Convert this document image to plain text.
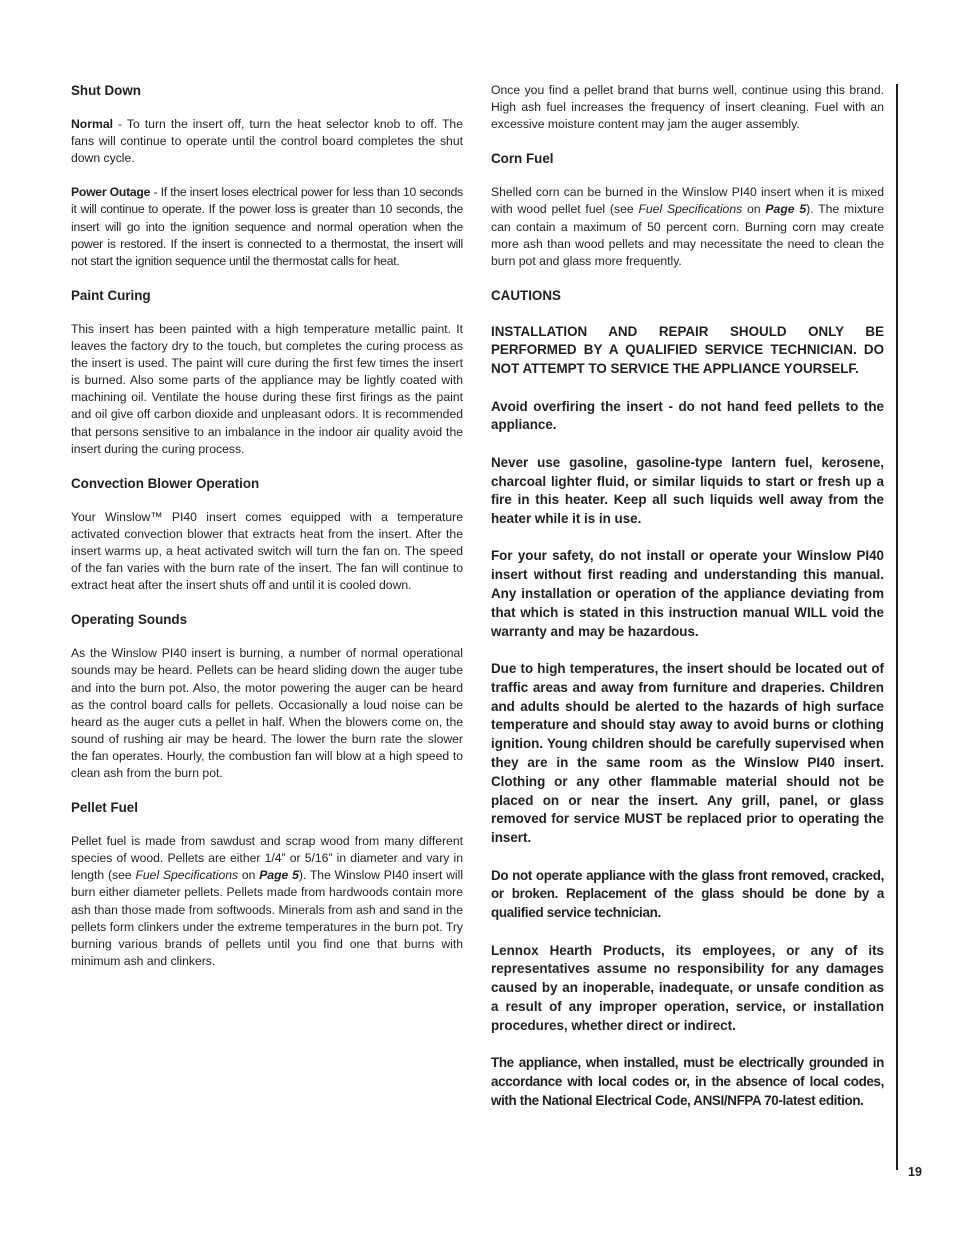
Shut Down

Normal - To turn the insert off, turn the heat selector knob to off. The fans will continue to operate until the control board completes the shut down cycle.

Power Outage - If the insert loses electrical power for less than 10 seconds it will continue to operate. If the power loss is greater than 10 seconds, the insert will go into the ignition sequence and normal operation when the power is restored. If the insert is connected to a thermostat, the insert will not start the ignition sequence until the thermostat calls for heat.

Paint Curing

This insert has been painted with a high temperature metallic paint. It leaves the factory dry to the touch, but completes the curing process as the insert is used. The paint will cure during the first few times the insert is burned. Also some parts of the appliance may be lightly coated with machining oil. Ventilate the house during these first firings as the paint and oil give off carbon dioxide and unpleasant odors. It is recommended that persons sensitive to an imbalance in the indoor air quality avoid the insert during the curing process.

Convection Blower Operation

Your Winslow™ PI40 insert comes equipped with a temperature activated convection blower that extracts heat from the insert. After the insert warms up, a heat activated switch will turn the fan on. The speed of the fan varies with the burn rate of the insert. The fan will continue to extract heat after the insert shuts off and until it is cooled down.

Operating Sounds

As the Winslow PI40 insert is burning, a number of normal operational sounds may be heard. Pellets can be heard sliding down the auger tube and into the burn pot. Also, the motor powering the auger can be heard as the control board calls for pellets. Occasionally a loud noise can be heard as the auger cuts a pellet in half. When the blowers come on, the sound of rushing air may be heard. The lower the burn rate the slower the fan operates. Hourly, the combustion fan will blow at a high speed to clean ash from the burn pot.

Pellet Fuel

Pellet fuel is made from sawdust and scrap wood from many different species of wood. Pellets are either 1/4” or 5/16” in diameter and vary in length (see Fuel Specifications on Page 5). The Winslow PI40 insert will burn either diameter pellets. Pellets made from hardwoods contain more ash than those made from softwoods. Minerals from ash and sand in the pellets form clinkers under the extreme temperatures in the burn pot. Try burning various brands of pellets until you find one that burns with minimum ash and clinkers.

Once you find a pellet brand that burns well, continue using this brand. High ash fuel increases the frequency of insert cleaning. Fuel with an excessive moisture content may jam the auger assembly.

Corn Fuel

Shelled corn can be burned in the Winslow PI40 insert when it is mixed with wood pellet fuel (see Fuel Specifications on Page 5). The mixture can contain a maximum of 50 percent corn. Burning corn may create more ash than wood pellets and may necessitate the need to clean the burn pot and glass more frequently.

CAUTIONS

INSTALLATION AND REPAIR SHOULD ONLY BE PERFORMED BY A QUALIFIED SERVICE TECHNICIAN. DO NOT ATTEMPT TO SERVICE THE APPLIANCE YOURSELF.

Avoid overfiring the insert - do not hand feed pellets to the appliance.

Never use gasoline, gasoline-type lantern fuel, kerosene, charcoal lighter fluid, or similar liquids to start or fresh up a fire in this heater. Keep all such liquids well away from the heater while it is in use.

For your safety, do not install or operate your Winslow PI40 insert without first reading and understanding this manual. Any installation or operation of the appliance deviating from that which is stated in this instruction manual WILL void the warranty and may be hazardous.

Due to high temperatures, the insert should be located out of traffic areas and away from furniture and draperies. Children and adults should be alerted to the hazards of high surface temperature and should stay away to avoid burns or clothing ignition. Young children should be carefully supervised when they are in the same room as the Winslow PI40 insert. Clothing or any other flammable material should not be placed on or near the insert. Any grill, panel, or glass removed for service MUST be replaced prior to operating the insert.

Do not operate appliance with the glass front removed, cracked, or broken. Replacement of the glass should be done by a qualified service technician.

Lennox Hearth Products, its employees, or any of its representatives assume no responsibility for any damages caused by an inoperable, inadequate, or unsafe condition as a result of any improper operation, service, or installation procedures, whether direct or indirect.

The appliance, when installed, must be electrically grounded in accordance with local codes or, in the absence of local codes, with the National Electrical Code, ANSI/NFPA 70-latest edition.

19
